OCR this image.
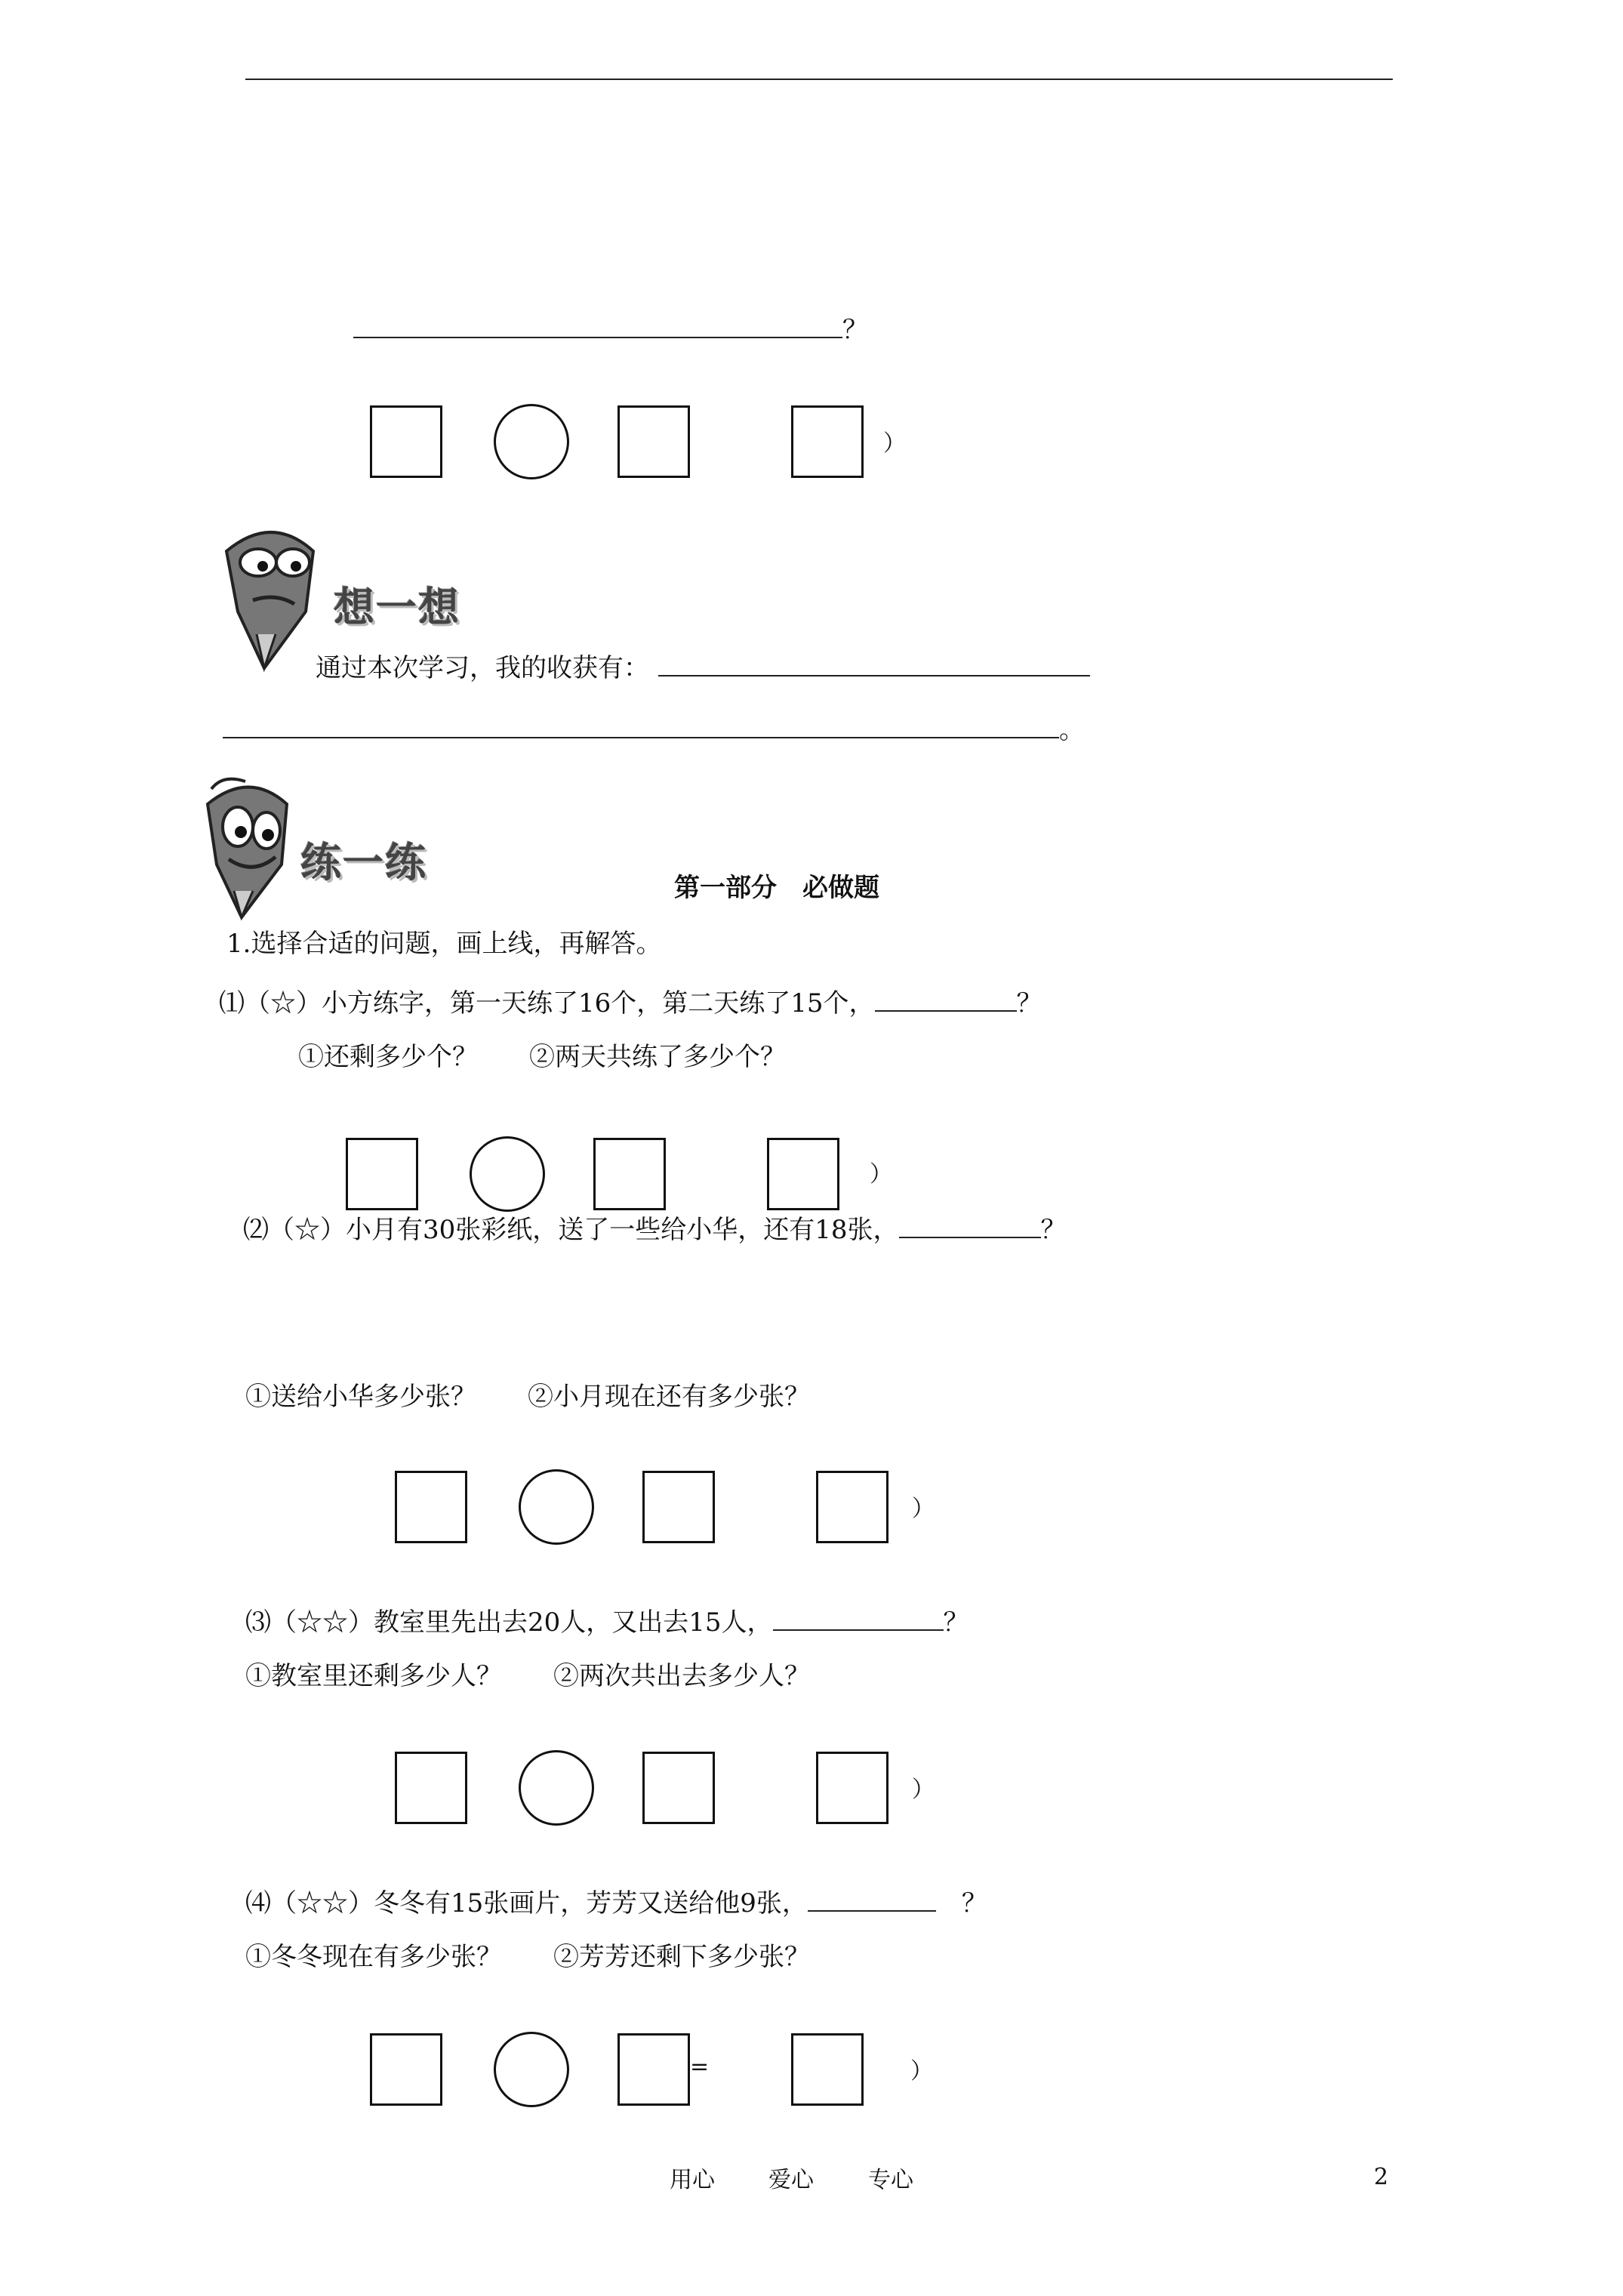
？
）
想一想
通过本次学习，我的收获有：
。
练一练
第一部分　必做题
1.选择合适的问题，画上线，再解答。
⑴（☆）小方练字，第一天练了16个，第二天练了15个，	？
①还剩多少个？　　②两天共练了多少个？
）
⑵（☆）小月有30张彩纸，送了一些给小华，还有18张，	？
①送给小华多少张？　　②小月现在还有多少张？
）
⑶（☆☆）教室里先出去20人，又出去15人，	？
①教室里还剩多少人？　　②两次共出去多少人？
）
⑷（☆☆）冬冬有15张画片，芳芳又送给他9张，	　？
①冬冬现在有多少张？　　②芳芳还剩下多少张？
=	）
用心 爱心 专心	2
